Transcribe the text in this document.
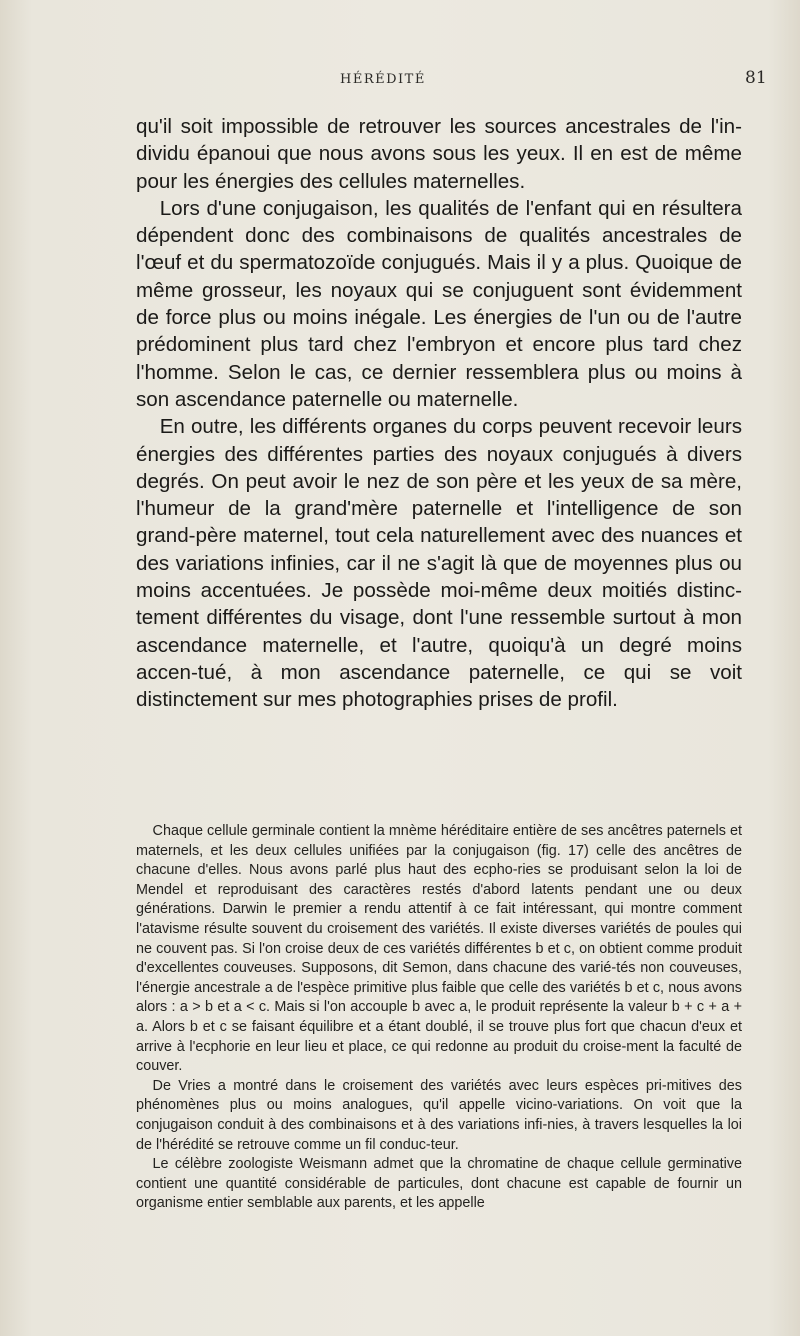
HÉRÉDITÉ	81

qu'il soit impossible de retrouver les sources ancestrales de l'in-dividu épanoui que nous avons sous les yeux. Il en est de même pour les énergies des cellules maternelles.

Lors d'une conjugaison, les qualités de l'enfant qui en résultera dépendent donc des combinaisons de qualités ancestrales de l'œuf et du spermatozoïde conjugués. Mais il y a plus. Quoique de même grosseur, les noyaux qui se conjuguent sont évidemment de force plus ou moins inégale. Les énergies de l'un ou de l'autre prédominent plus tard chez l'embryon et encore plus tard chez l'homme. Selon le cas, ce dernier ressemblera plus ou moins à son ascendance paternelle ou maternelle.

En outre, les différents organes du corps peuvent recevoir leurs énergies des différentes parties des noyaux conjugués à divers degrés. On peut avoir le nez de son père et les yeux de sa mère, l'humeur de la grand'mère paternelle et l'intelligence de son grand-père maternel, tout cela naturellement avec des nuances et des variations infinies, car il ne s'agit là que de moyennes plus ou moins accentuées. Je possède moi-même deux moitiés distinc-tement différentes du visage, dont l'une ressemble surtout à mon ascendance maternelle, et l'autre, quoiqu'à un degré moins accen-tué, à mon ascendance paternelle, ce qui se voit distinctement sur mes photographies prises de profil.

Chaque cellule germinale contient la mnème héréditaire entière de ses ancêtres paternels et maternels, et les deux cellules unifiées par la conjugaison (fig. 17) celle des ancêtres de chacune d'elles. Nous avons parlé plus haut des ecpho-ries se produisant selon la loi de Mendel et reproduisant des caractères restés d'abord latents pendant une ou deux générations. Darwin le premier a rendu attentif à ce fait intéressant, qui montre comment l'atavisme résulte souvent du croisement des variétés. Il existe diverses variétés de poules qui ne couvent pas. Si l'on croise deux de ces variétés différentes b et c, on obtient comme produit d'excellentes couveuses. Supposons, dit Semon, dans chacune des varié-tés non couveuses, l'énergie ancestrale a de l'espèce primitive plus faible que celle des variétés b et c, nous avons alors : a > b et a < c. Mais si l'on accouple b avec a, le produit représente la valeur b + c + a + a. Alors b et c se faisant équilibre et a étant doublé, il se trouve plus fort que chacun d'eux et arrive à l'ecphorie en leur lieu et place, ce qui redonne au produit du croise-ment la faculté de couver.

De Vries a montré dans le croisement des variétés avec leurs espèces pri-mitives des phénomènes plus ou moins analogues, qu'il appelle vicino-variations. On voit que la conjugaison conduit à des combinaisons et à des variations infi-nies, à travers lesquelles la loi de l'hérédité se retrouve comme un fil conduc-teur.

Le célèbre zoologiste Weismann admet que la chromatine de chaque cellule germinative contient une quantité considérable de particules, dont chacune est capable de fournir un organisme entier semblable aux parents, et les appelle
